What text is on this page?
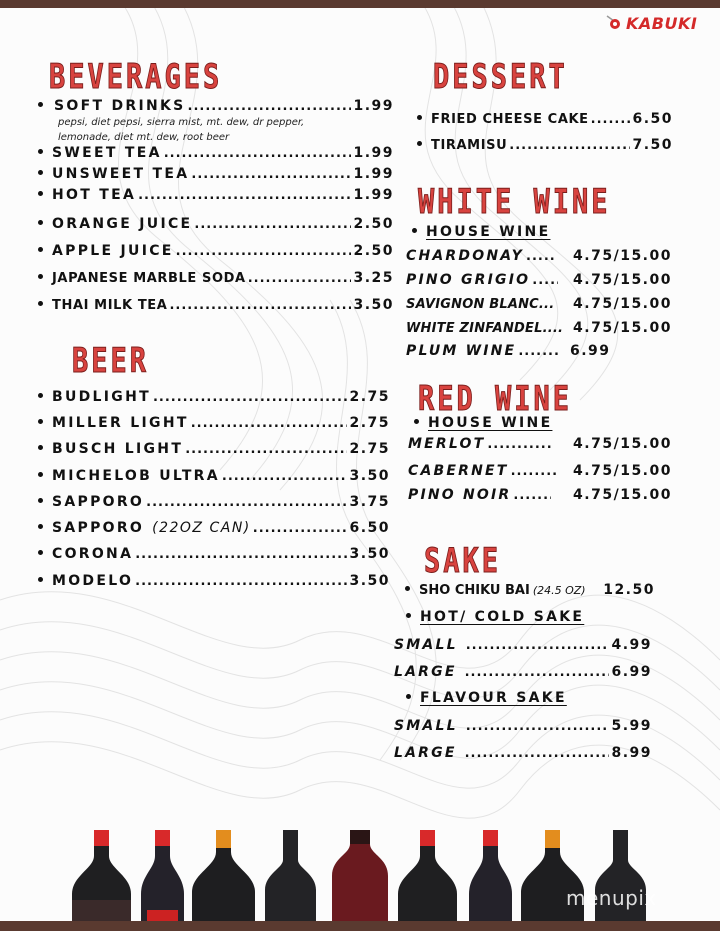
KABUKI
BEVERAGES
SOFT DRINKS .....	1.99
pepsi, diet pepsi, sierra mist, mt. dew, dr pepper,
lemonade, diet mt. dew, root beer
SWEET TEA .....	1.99
UNSWEET TEA .....	1.99
HOT TEA .....	1.99
ORANGE JUICE .....	2.50
APPLE JUICE .....	2.50
JAPANESE MARBLE SODA .....	3.25
THAI MILK TEA .....	3.50
BEER
BUDLIGHT .....	2.75
MILLER LIGHT .....	2.75
BUSCH LIGHT .....	2.75
MICHELOB ULTRA .....	3.50
SAPPORO .....	3.75
SAPPORO (22OZ CAN) .....	6.50
CORONA .....	3.50
MODELO .....	3.50
DESSERT
FRIED CHEESE CAKE .....	6.50
TIRAMISU .....	7.50
WHITE WINE
HOUSE WINE
CHARDONAY .....	4.75/15.00
PINO GRIGIO .....	4.75/15.00
SAVIGNON BLANC... 4.75/15.00
WHITE ZINFANDEL.... 4.75/15.00
PLUM WINE .....	6.99
RED WINE
HOUSE WINE
MERLOT .....	4.75/15.00
CABERNET .....	4.75/15.00
PINO NOIR .....	4.75/15.00
SAKE
SHO CHIKU BAI (24.5 OZ) 12.50
HOT/ COLD SAKE
SMALL .....	4.99
LARGE .....	6.99
FLAVOUR SAKE
SMALL .....	5.99
LARGE .....	8.99
menupix
